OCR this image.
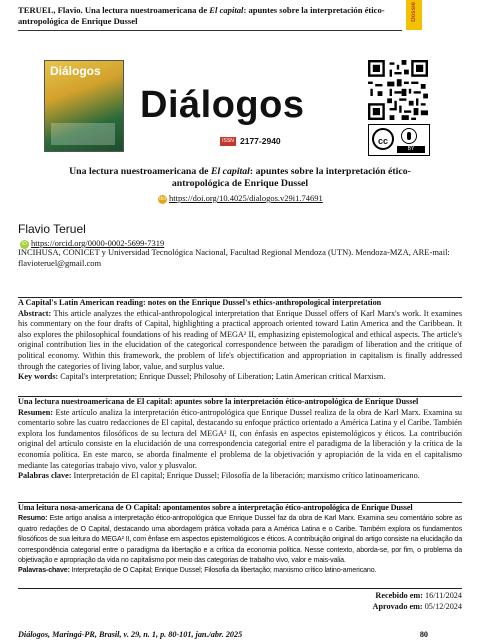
TERUEL, Flavio. Una lectura nuestroamericana de El capital: apuntes sobre la interpretación ético-antropológica de Enrique Dussel	Dossiê
Diálogos
Diálogos
ISSN 2177-2940	cc
BY
Una lectura nuestroamericana de El capital: apuntes sobre la interpretación ético-antropológica de Enrique Dussel
doi https://doi.org/10.4025/dialogos.v29i1.74691
Flavio Teruel
iD https://orcid.org/0000-0002-5699-7319
INCIHUSA, CONICET y Universidad Tecnológica Nacional, Facultad Regional Mendoza (UTN). Mendoza-MZA, ARE-mail: flavioteruel@gmail.com
A Capital's Latin American reading: notes on the Enrique Dussel's ethics-anthropological interpretation
Abstract: This article analyzes the ethical-anthropological interpretation that Enrique Dussel offers of Karl Marx's work. It examines his commentary on the four drafts of Capital, highlighting a practical approach oriented toward Latin America and the Caribbean. It also explores the philosophical foundations of his reading of MEGA² II, emphasizing epistemological and ethical aspects. The article's original contribution lies in the elucidation of the categorical correspondence between the paradigm of liberation and the critique of political economy. Within this framework, the problem of life's objectification and appropriation in capitalism is finally addressed through the categories of living labor, value, and surplus value.
Key words: Capital's interpretation; Enrique Dussel; Philosohy of Liberation; Latin American critical Marxism.
Una lectura nuestroamericana de El capital: apuntes sobre la interpretación ético-antropológica de Enrique Dussel
Resumen: Este artículo analiza la interpretación ético-antropológica que Enrique Dussel realiza de la obra de Karl Marx. Examina su comentario sobre las cuatro redacciones de El capital, destacando su enfoque práctico orientado a América Latina y el Caribe. También explora los fundamentos filosóficos de su lectura del MEGA² II, con énfasis en aspectos epistemológicos y éticos. La contribución original del artículo consiste en la elucidación de una correspondencia categorial entre el paradigma de la liberación y la crítica de la economía política. En este marco, se aborda finalmente el problema de la objetivación y apropiación de la vida en el capitalismo mediante las categorías trabajo vivo, valor y plusvalor.
Palabras clave: Interpretación de El capital; Enrique Dussel; Filosofía de la liberación; marxismo crítico latinoamericano.
Uma leitura nosa-americana de O Capital: apontamentos sobre a interpretação ético-antropológica de Enrique Dussel
Resumo: Este artigo analisa a interpretação ético-antropológica que Enrique Dussel faz da obra de Karl Marx. Examina seu comentário sobre as quatro redações de O Capital, destacando uma abordagem prática voltada para a América Latina e o Caribe. Também explora os fundamentos filosóficos de sua leitura do MEGA² II, com ênfase em aspectos epistemológicos e éticos. A contribuição original do artigo consiste na elucidação da correspondência categorial entre o paradigma da libertação e a crítica da economia política. Nesse contexto, aborda-se, por fim, o problema da objetivação e apropriação da vida no capitalismo por meio das categorias de trabalho vivo, valor e mais-valia.
Palavras-chave: Interpretação de O Capital; Enrique Dussel; Filosofia da libertação; marxismo crítico latino-americano.
Recebido em: 16/11/2024
Aprovado em: 05/12/2024
Diálogos, Maringá-PR, Brasil, v. 29, n. 1, p. 80-101, jan./abr. 2025	80
